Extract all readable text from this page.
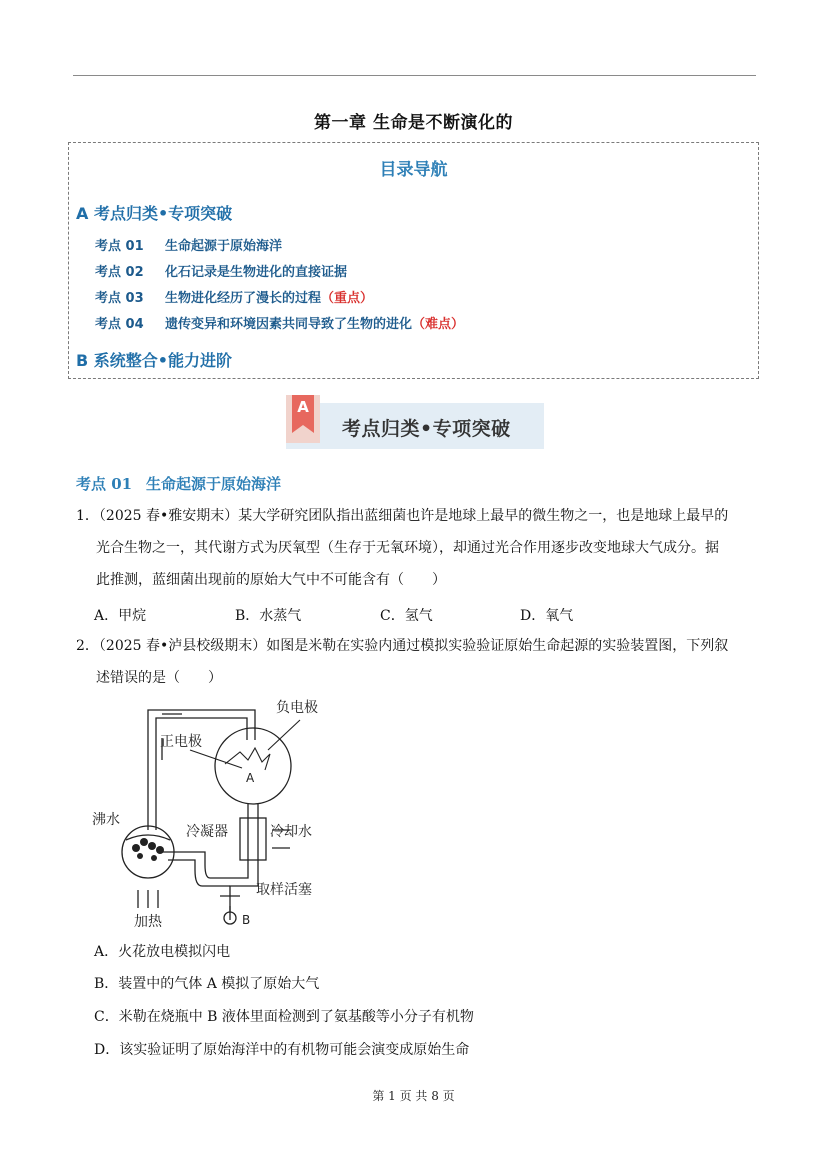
第一章 生命是不断演化的
目录导航
A 考点归类•专项突破
考点 01 生命起源于原始海洋
考点 02 化石记录是生物进化的直接证据
考点 03 生物进化经历了漫长的过程（重点）
考点 04 遗传变异和环境因素共同导致了生物的进化（难点）
B 系统整合•能力进阶
A
考点归类•专项突破
考点 01 生命起源于原始海洋
1．（2025 春•雅安期末）某大学研究团队指出蓝细菌也许是地球上最早的微生物之一，也是地球上最早的
光合生物之一，其代谢方式为厌氧型（生存于无氧环境），却通过光合作用逐步改变地球大气成分。据
此推测，蓝细菌出现前的原始大气中不可能含有（　　）
A．甲烷	B．水蒸气	C．氢气	D．氧气
2．（2025 春•泸县校级期末）如图是米勒在实验内通过模拟实验验证原始生命起源的实验装置图，下列叙
述错误的是（　　）
负电极
正电极
A
冷凝器	冷却水
沸水
取样活塞
加热	B
A．火花放电模拟闪电
B．装置中的气体 A 模拟了原始大气
C．米勒在烧瓶中 B 液体里面检测到了氨基酸等小分子有机物
D．该实验证明了原始海洋中的有机物可能会演变成原始生命
第 1 页 共 8 页
